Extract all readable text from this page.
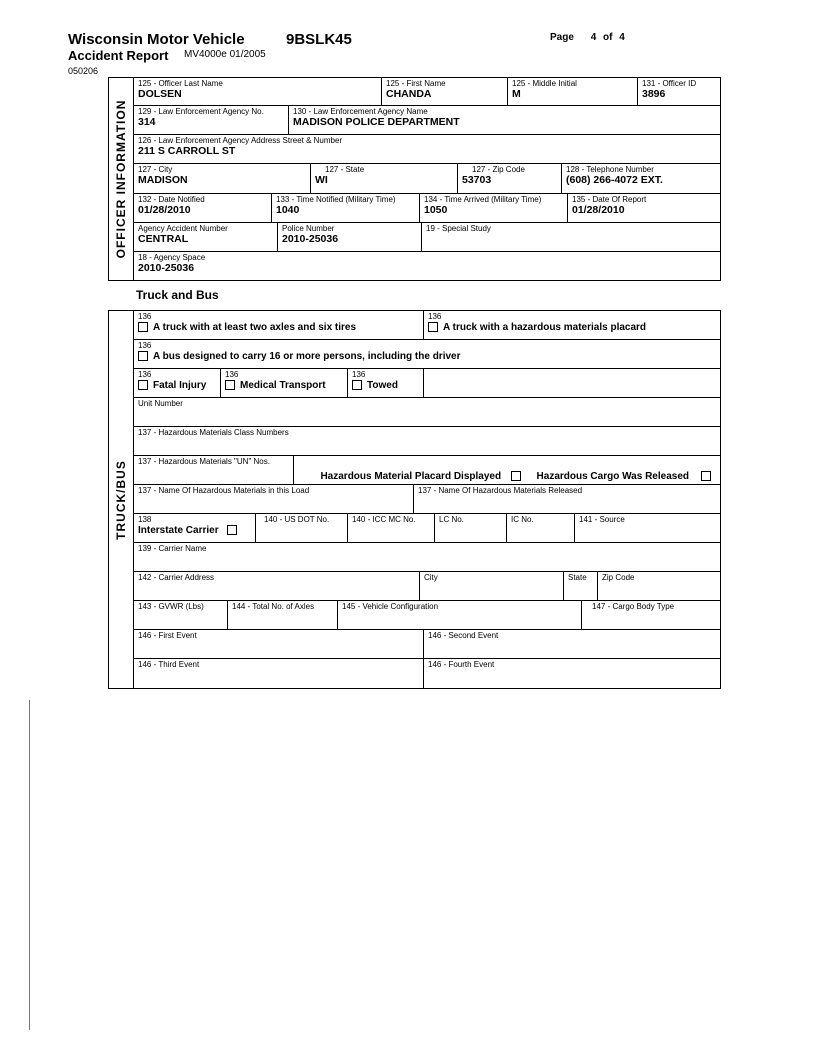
Wisconsin Motor Vehicle	9BSLK45
Accident Report MV4000e 01/2005
050206
Page 4 of 4
OFFICER INFORMATION
125 - Officer Last Name
DOLSEN
125 - First Name
CHANDA
125 - Middle Initial
M
131 - Officer ID
3896
129 - Law Enforcement Agency No.
314
130 - Law Enforcement Agency Name
MADISON POLICE DEPARTMENT
126 - Law Enforcement Agency Address Street & Number
211 S CARROLL ST
127 - City
MADISON
127 - State
WI
127 - Zip Code
53703
128 - Telephone Number
(608) 266-4072 EXT.
132 - Date Notified
01/28/2010
133 - Time Notified (Military Time)
1040
134 - Time Arrived (Military Time)
1050
135 - Date Of Report
01/28/2010
Agency Accident Number
CENTRAL
Police Number
2010-25036
19 - Special Study
18 - Agency Space
2010-25036
Truck and Bus
TRUCK/BUS
136
A truck with at least two axles and six tires
136
A truck with a hazardous materials placard
136
A bus designed to carry 16 or more persons, including the driver
136
Fatal Injury
136
Medical Transport
136
Towed
Unit Number
137 - Hazardous Materials Class Numbers
137 - Hazardous Materials "UN" Nos.
Hazardous Material Placard Displayed	Hazardous Cargo Was Released
137 - Name Of Hazardous Materials in this Load	137 - Name Of Hazardous Materials Released
138
Interstate Carrier
140 - US DOT No.	140 - ICC MC No.	LC No.	IC No.	141 - Source
139 - Carrier Name
142 - Carrier Address	City	State	Zip Code
143 - GVWR (Lbs)	144 - Total No. of Axles	145 - Vehicle Configuration	147 - Cargo Body Type
146 - First Event	146 - Second Event
146 - Third Event	146 - Fourth Event
